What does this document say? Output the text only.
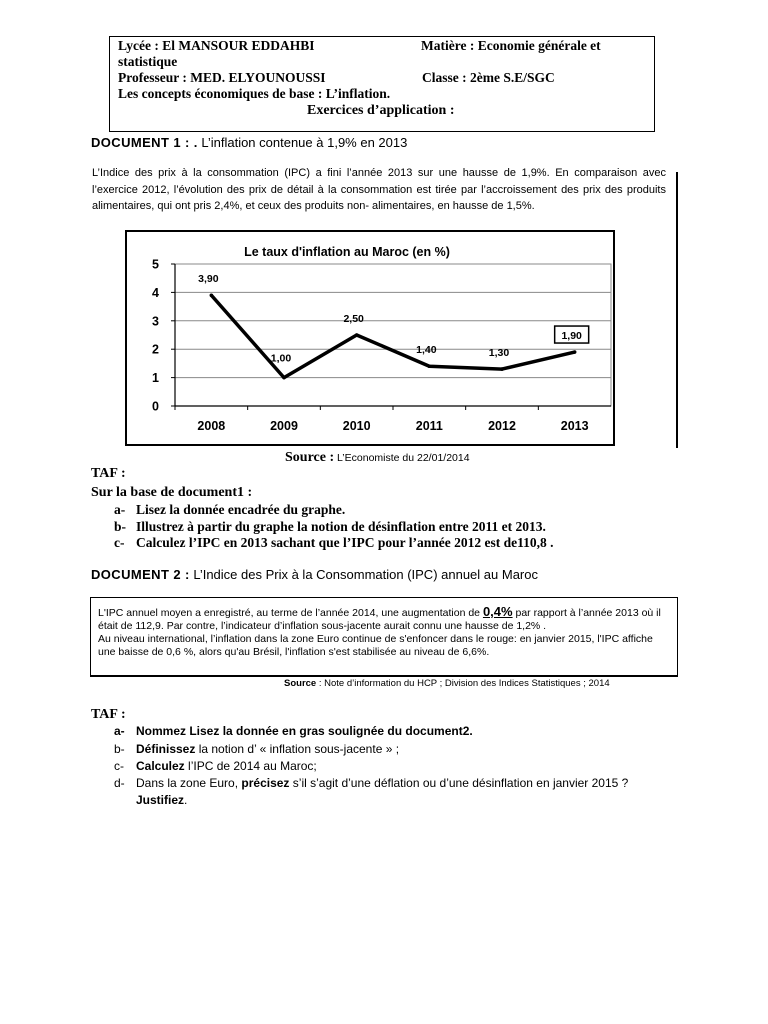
Lycée : El MANSOUR EDDAHBI	Matière : Economie générale et
statistique
Professeur : MED. ELYOUNOUSSI	Classe : 2ème S.E/SGC
Les concepts économiques de base : L’inflation.
Exercices d’application :
DOCUMENT 1 : . L’inflation contenue à 1,9% en 2013
L’Indice des prix à la consommation (IPC) a fini l’année 2013 sur une hausse de 1,9%. En comparaison avec l’exercice 2012, l’évolution des prix de détail à la consommation est tirée par l’accroissement des prix des produits alimentaires, qui ont pris 2,4%, et ceux des produits non- alimentaires, en hausse de 1,5%.
Le taux d'inflation au Maroc (en %)
0
1
2
3
4
5
2008	2009	2010	2011	2012	2013
3,90
1,00
2,50
1,40	1,30
1,90
Source : L’Economiste du 22/01/2014
TAF :
Sur la base de document1 :
a- Lisez la donnée encadrée du graphe.
b- Illustrez à partir du graphe la notion de désinflation entre 2011 et 2013.
c- Calculez l’IPC en 2013 sachant que l’IPC pour l’année 2012 est de110,8 .
DOCUMENT 2 : L’Indice des Prix à la Consommation (IPC) annuel au Maroc
L'IPC annuel moyen a enregistré, au terme de l’année 2014, une augmentation de 0,4% par rapport à l’année 2013 où il était de 112,9. Par contre, l’indicateur d’inflation sous-jacente aurait connu une hausse de 1,2% .
Au niveau international, l’inflation dans la zone Euro continue de s'enfoncer dans le rouge: en janvier 2015, l'IPC affiche une baisse de 0,6 %, alors qu'au Brésil, l'inflation s'est stabilisée au niveau de 6,6%.
Source : Note d’information du HCP ; Division des Indices Statistiques ; 2014
TAF :
a- Nommez Lisez la donnée en gras soulignée du document2.
b- Définissez la notion d’ « inflation sous-jacente » ;
c- Calculez l’IPC de 2014 au Maroc;
d- Dans la zone Euro, précisez s’il s’agit d’une déflation ou d’une désinflation en janvier 2015 ?
Justifiez.
